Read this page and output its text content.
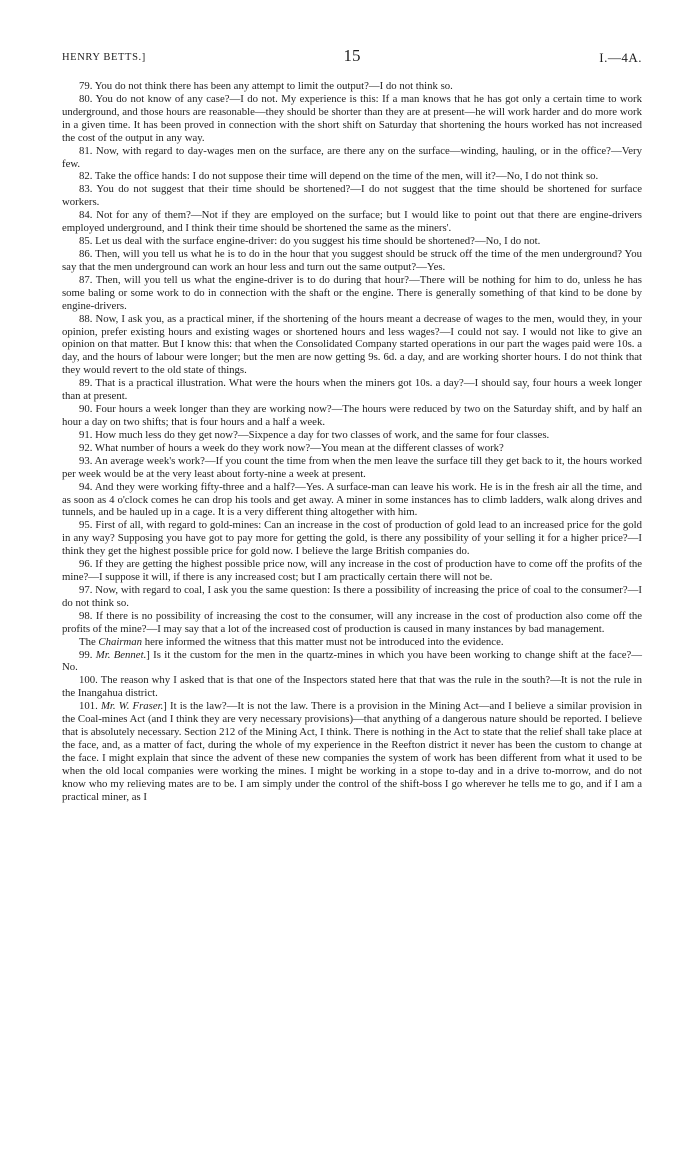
HENRY BETTS.]	15	I.—4A.

79. You do not think there has been any attempt to limit the output?—I do not think so.

80. You do not know of any case?—I do not. My experience is this: If a man knows that he has got only a certain time to work underground, and those hours are reasonable—they should be shorter than they are at present—he will work harder and do more work in a given time. It has been proved in connection with the short shift on Saturday that shortening the hours worked has not increased the cost of the output in any way.

81. Now, with regard to day-wages men on the surface, are there any on the surface—winding, hauling, or in the office?—Very few.

82. Take the office hands: I do not suppose their time will depend on the time of the men, will it?—No, I do not think so.

83. You do not suggest that their time should be shortened?—I do not suggest that the time should be shortened for surface workers.

84. Not for any of them?—Not if they are employed on the surface; but I would like to point out that there are engine-drivers employed underground, and I think their time should be shortened the same as the miners'.

85. Let us deal with the surface engine-driver: do you suggest his time should be shortened?—No, I do not.

86. Then, will you tell us what he is to do in the hour that you suggest should be struck off the time of the men underground? You say that the men underground can work an hour less and turn out the same output?—Yes.

87. Then, will you tell us what the engine-driver is to do during that hour?—There will be nothing for him to do, unless he has some baling or some work to do in connection with the shaft or the engine. There is generally something of that kind to be done by engine-drivers.

88. Now, I ask you, as a practical miner, if the shortening of the hours meant a decrease of wages to the men, would they, in your opinion, prefer existing hours and existing wages or shortened hours and less wages?—I could not say. I would not like to give an opinion on that matter. But I know this: that when the Consolidated Company started operations in our part the wages paid were 10s. a day, and the hours of labour were longer; but the men are now getting 9s. 6d. a day, and are working shorter hours. I do not think that they would revert to the old state of things.

89. That is a practical illustration. What were the hours when the miners got 10s. a day?—I should say, four hours a week longer than at present.

90. Four hours a week longer than they are working now?—The hours were reduced by two on the Saturday shift, and by half an hour a day on two shifts; that is four hours and a half a week.

91. How much less do they get now?—Sixpence a day for two classes of work, and the same for four classes.

92. What number of hours a week do they work now?—You mean at the different classes of work?

93. An average week's work?—If you count the time from when the men leave the surface till they get back to it, the hours worked per week would be at the very least about forty-nine a week at present.

94. And they were working fifty-three and a half?—Yes. A surface-man can leave his work. He is in the fresh air all the time, and as soon as 4 o'clock comes he can drop his tools and get away. A miner in some instances has to climb ladders, walk along drives and tunnels, and be hauled up in a cage. It is a very different thing altogether with him.

95. First of all, with regard to gold-mines: Can an increase in the cost of production of gold lead to an increased price for the gold in any way? Supposing you have got to pay more for getting the gold, is there any possibility of your selling it for a higher price?—I think they get the highest possible price for gold now. I believe the large British companies do.

96. If they are getting the highest possible price now, will any increase in the cost of production have to come off the profits of the mine?—I suppose it will, if there is any increased cost; but I am practically certain there will not be.

97. Now, with regard to coal, I ask you the same question: Is there a possibility of increasing the price of coal to the consumer?—I do not think so.

98. If there is no possibility of increasing the cost to the consumer, will any increase in the cost of production also come off the profits of the mine?—I may say that a lot of the increased cost of production is caused in many instances by bad management.

The Chairman here informed the witness that this matter must not be introduced into the evidence.

99. Mr. Bennet.] Is it the custom for the men in the quartz-mines in which you have been working to change shift at the face?—No.

100. The reason why I asked that is that one of the Inspectors stated here that that was the rule in the south?—It is not the rule in the Inangahua district.

101. Mr. W. Fraser.] It is the law?—It is not the law. There is a provision in the Mining Act—and I believe a similar provision in the Coal-mines Act (and I think they are very necessary provisions)—that anything of a dangerous nature should be reported. I believe that is absolutely necessary. Section 212 of the Mining Act, I think. There is nothing in the Act to state that the relief shall take place at the face, and, as a matter of fact, during the whole of my experience in the Reefton district it never has been the custom to change at the face. I might explain that since the advent of these new companies the system of work has been different from what it used to be when the old local companies were working the mines. I might be working in a stope to-day and in a drive to-morrow, and do not know who my relieving mates are to be. I am simply under the control of the shift-boss I go wherever he tells me to go, and if I am a practical miner, as I
